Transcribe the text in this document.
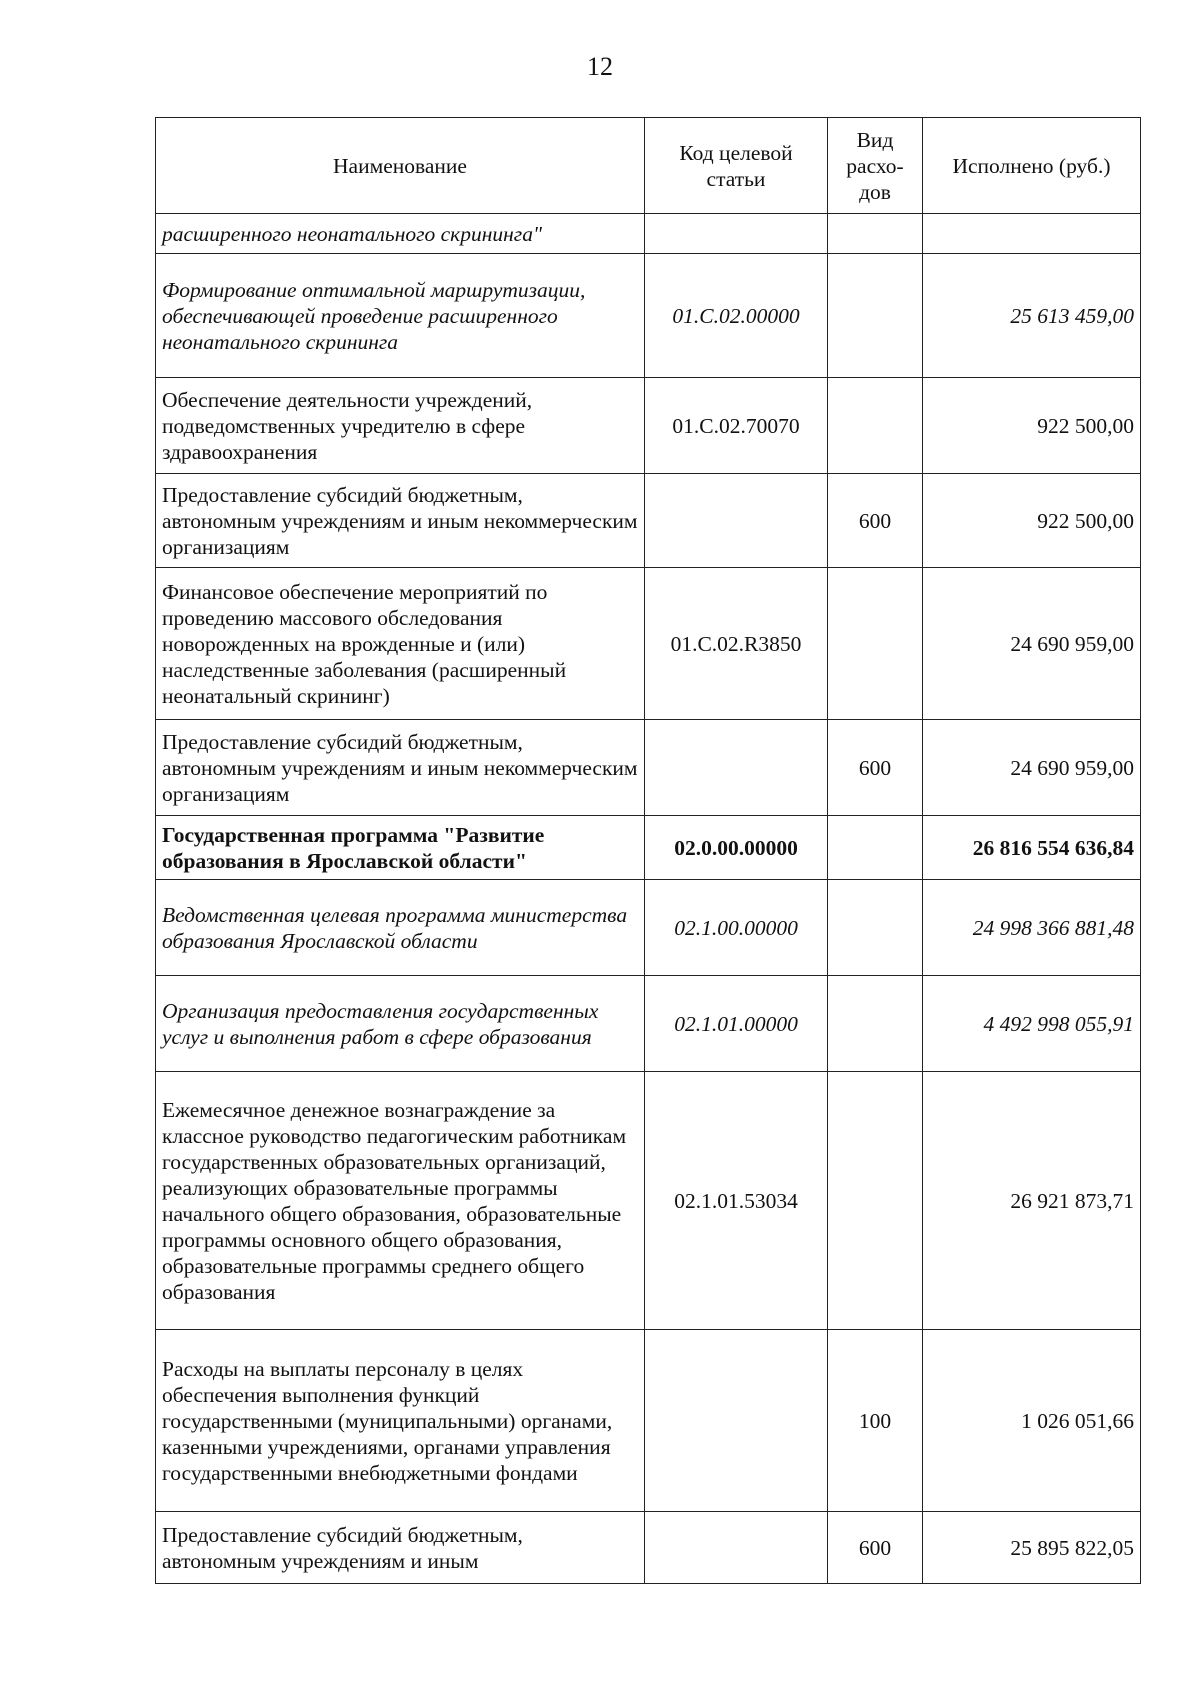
12
Наименование	Код целевой статьи	Вид расхо-дов	Исполнено (руб.)
расширенного неонатального скрининга"			
Формирование оптимальной маршрутизации, обеспечивающей проведение расширенного неонатального скрининга	01.С.02.00000		25 613 459,00
Обеспечение деятельности учреждений, подведомственных учредителю в сфере здравоохранения	01.С.02.70070		922 500,00
Предоставление субсидий бюджетным, автономным учреждениям и иным некоммерческим организациям		600	922 500,00
Финансовое обеспечение мероприятий по проведению массового обследования новорожденных на врожденные и (или) наследственные заболевания (расширенный неонатальный скрининг)	01.С.02.R3850		24 690 959,00
Предоставление субсидий бюджетным, автономным учреждениям и иным некоммерческим организациям		600	24 690 959,00
Государственная программа "Развитие образования в Ярославской области"	02.0.00.00000		26 816 554 636,84
Ведомственная целевая программа министерства образования Ярославской области	02.1.00.00000		24 998 366 881,48
Организация предоставления государственных услуг и выполнения работ в сфере образования	02.1.01.00000		4 492 998 055,91
Ежемесячное денежное вознаграждение за классное руководство педагогическим работникам государственных образовательных организаций, реализующих образовательные программы начального общего образования, образовательные программы основного общего образования, образовательные программы среднего общего образования	02.1.01.53034		26 921 873,71
Расходы на выплаты персоналу в целях обеспечения выполнения функций государственными (муниципальными) органами, казенными учреждениями, органами управления государственными внебюджетными фондами		100	1 026 051,66
Предоставление субсидий бюджетным, автономным учреждениям и иным		600	25 895 822,05
